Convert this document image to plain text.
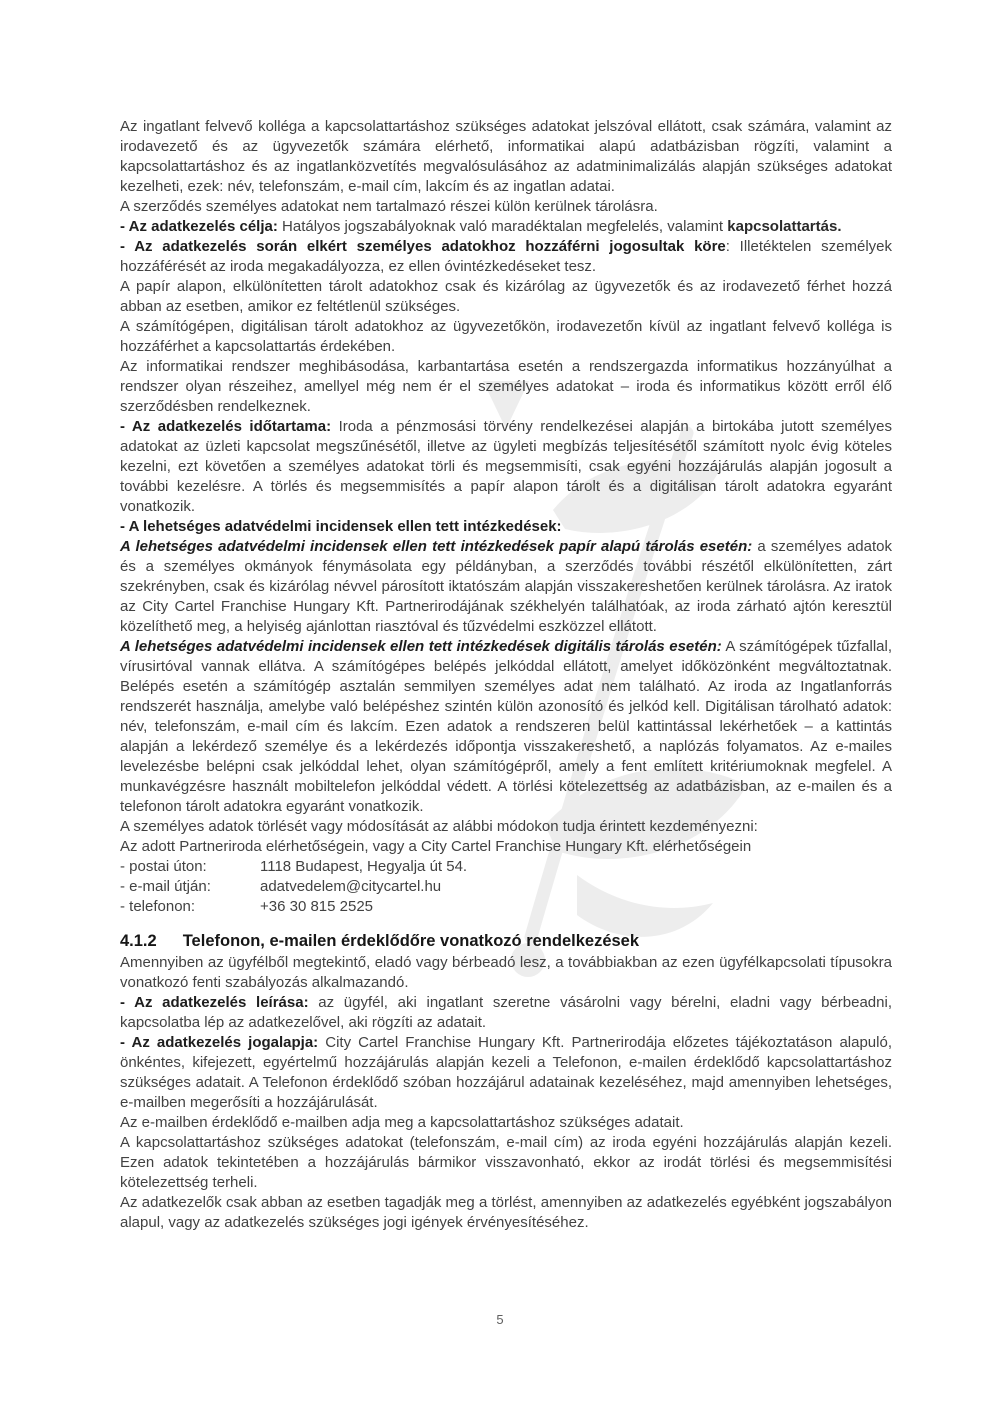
Az ingatlant felvevő kolléga a kapcsolattartáshoz szükséges adatokat jelszóval ellátott, csak számára, valamint az irodavezető és az ügyvezetők számára elérhető, informatikai alapú adatbázisban rögzíti, valamint a kapcsolattartáshoz és az ingatlanközvetítés megvalósulásához az adatminimalizálás alapján szükséges adatokat kezelheti, ezek: név, telefonszám, e-mail cím, lakcím és az ingatlan adatai.

A szerződés személyes adatokat nem tartalmazó részei külön kerülnek tárolásra.

- Az adatkezelés célja: Hatályos jogszabályoknak való maradéktalan megfelelés, valamint kapcsolattartás.

- Az adatkezelés során elkért személyes adatokhoz hozzáférni jogosultak köre: Illetéktelen személyek hozzáférését az iroda megakadályozza, ez ellen óvintézkedéseket tesz.

A papír alapon, elkülönítetten tárolt adatokhoz csak és kizárólag az ügyvezetők és az irodavezető férhet hozzá abban az esetben, amikor ez feltétlenül szükséges.

A számítógépen, digitálisan tárolt adatokhoz az ügyvezetőkön, irodavezetőn kívül az ingatlant felvevő kolléga is hozzáférhet a kapcsolattartás érdekében.

Az informatikai rendszer meghibásodása, karbantartása esetén a rendszergazda informatikus hozzányúlhat a rendszer olyan részeihez, amellyel még nem ér el személyes adatokat – iroda és informatikus között erről élő szerződésben rendelkeznek.

- Az adatkezelés időtartama: Iroda a pénzmosási törvény rendelkezései alapján a birtokába jutott személyes adatokat az üzleti kapcsolat megszűnésétől, illetve az ügyleti megbízás teljesítésétől számított nyolc évig köteles kezelni, ezt követően a személyes adatokat törli és megsemmisíti, csak egyéni hozzájárulás alapján jogosult a további kezelésre. A törlés és megsemmisítés a papír alapon tárolt és a digitálisan tárolt adatokra egyaránt vonatkozik.

- A lehetséges adatvédelmi incidensek ellen tett intézkedések:

A lehetséges adatvédelmi incidensek ellen tett intézkedések papír alapú tárolás esetén: a személyes adatok és a személyes okmányok fénymásolata egy példányban, a szerződés további részétől elkülönítetten, zárt szekrényben, csak és kizárólag névvel párosított iktatószám alapján visszakereshetően kerülnek tárolásra. Az iratok az City Cartel Franchise Hungary Kft. Partnerirodájának székhelyén találhatóak, az iroda zárható ajtón keresztül közelíthető meg, a helyiség ajánlottan riasztóval és tűzvédelmi eszközzel ellátott.

A lehetséges adatvédelmi incidensek ellen tett intézkedések digitális tárolás esetén: A számítógépek tűzfallal, vírusirtóval vannak ellátva. A számítógépes belépés jelkóddal ellátott, amelyet időközönként megváltoztatnak. Belépés esetén a számítógép asztalán semmilyen személyes adat nem található. Az iroda az Ingatlanforrás rendszerét használja, amelybe való belépéshez szintén külön azonosító és jelkód kell. Digitálisan tárolható adatok: név, telefonszám, e-mail cím és lakcím. Ezen adatok a rendszeren belül kattintással lekérhetőek – a kattintás alapján a lekérdező személye és a lekérdezés időpontja visszakereshető, a naplózás folyamatos. Az e-mailes levelezésbe belépni csak jelkóddal lehet, olyan számítógépről, amely a fent említett kritériumoknak megfelel. A munkavégzésre használt mobiltelefon jelkóddal védett. A törlési kötelezettség az adatbázisban, az e-mailen és a telefonon tárolt adatokra egyaránt vonatkozik.

A személyes adatok törlését vagy módosítását az alábbi módokon tudja érintett kezdeményezni:

Az adott Partneriroda elérhetőségein, vagy a City Cartel Franchise Hungary Kft. elérhetőségein

- postai úton:	1118 Budapest, Hegyalja út 54.
- e-mail útján:	adatvedelem@citycartel.hu
- telefonon:	+36 30 815 2525
4.1.2 Telefonon, e-mailen érdeklődőre vonatkozó rendelkezések

Amennyiben az ügyfélből megtekintő, eladó vagy bérbeadó lesz, a továbbiakban az ezen ügyfélkapcsolati típusokra vonatkozó fenti szabályozás alkalmazandó.

- Az adatkezelés leírása: az ügyfél, aki ingatlant szeretne vásárolni vagy bérelni, eladni vagy bérbeadni, kapcsolatba lép az adatkezelővel, aki rögzíti az adatait.

- Az adatkezelés jogalapja: City Cartel Franchise Hungary Kft. Partnerirodája előzetes tájékoztatáson alapuló, önkéntes, kifejezett, egyértelmű hozzájárulás alapján kezeli a Telefonon, e-mailen érdeklődő kapcsolattartáshoz szükséges adatait. A Telefonon érdeklődő szóban hozzájárul adatainak kezeléséhez, majd amennyiben lehetséges, e-mailben megerősíti a hozzájárulását.

Az e-mailben érdeklődő e-mailben adja meg a kapcsolattartáshoz szükséges adatait.

A kapcsolattartáshoz szükséges adatokat (telefonszám, e-mail cím) az iroda egyéni hozzájárulás alapján kezeli. Ezen adatok tekintetében a hozzájárulás bármikor visszavonható, ekkor az irodát törlési és megsemmisítési kötelezettség terheli.

Az adatkezelők csak abban az esetben tagadják meg a törlést, amennyiben az adatkezelés egyébként jogszabályon alapul, vagy az adatkezelés szükséges jogi igények érvényesítéséhez.

5
